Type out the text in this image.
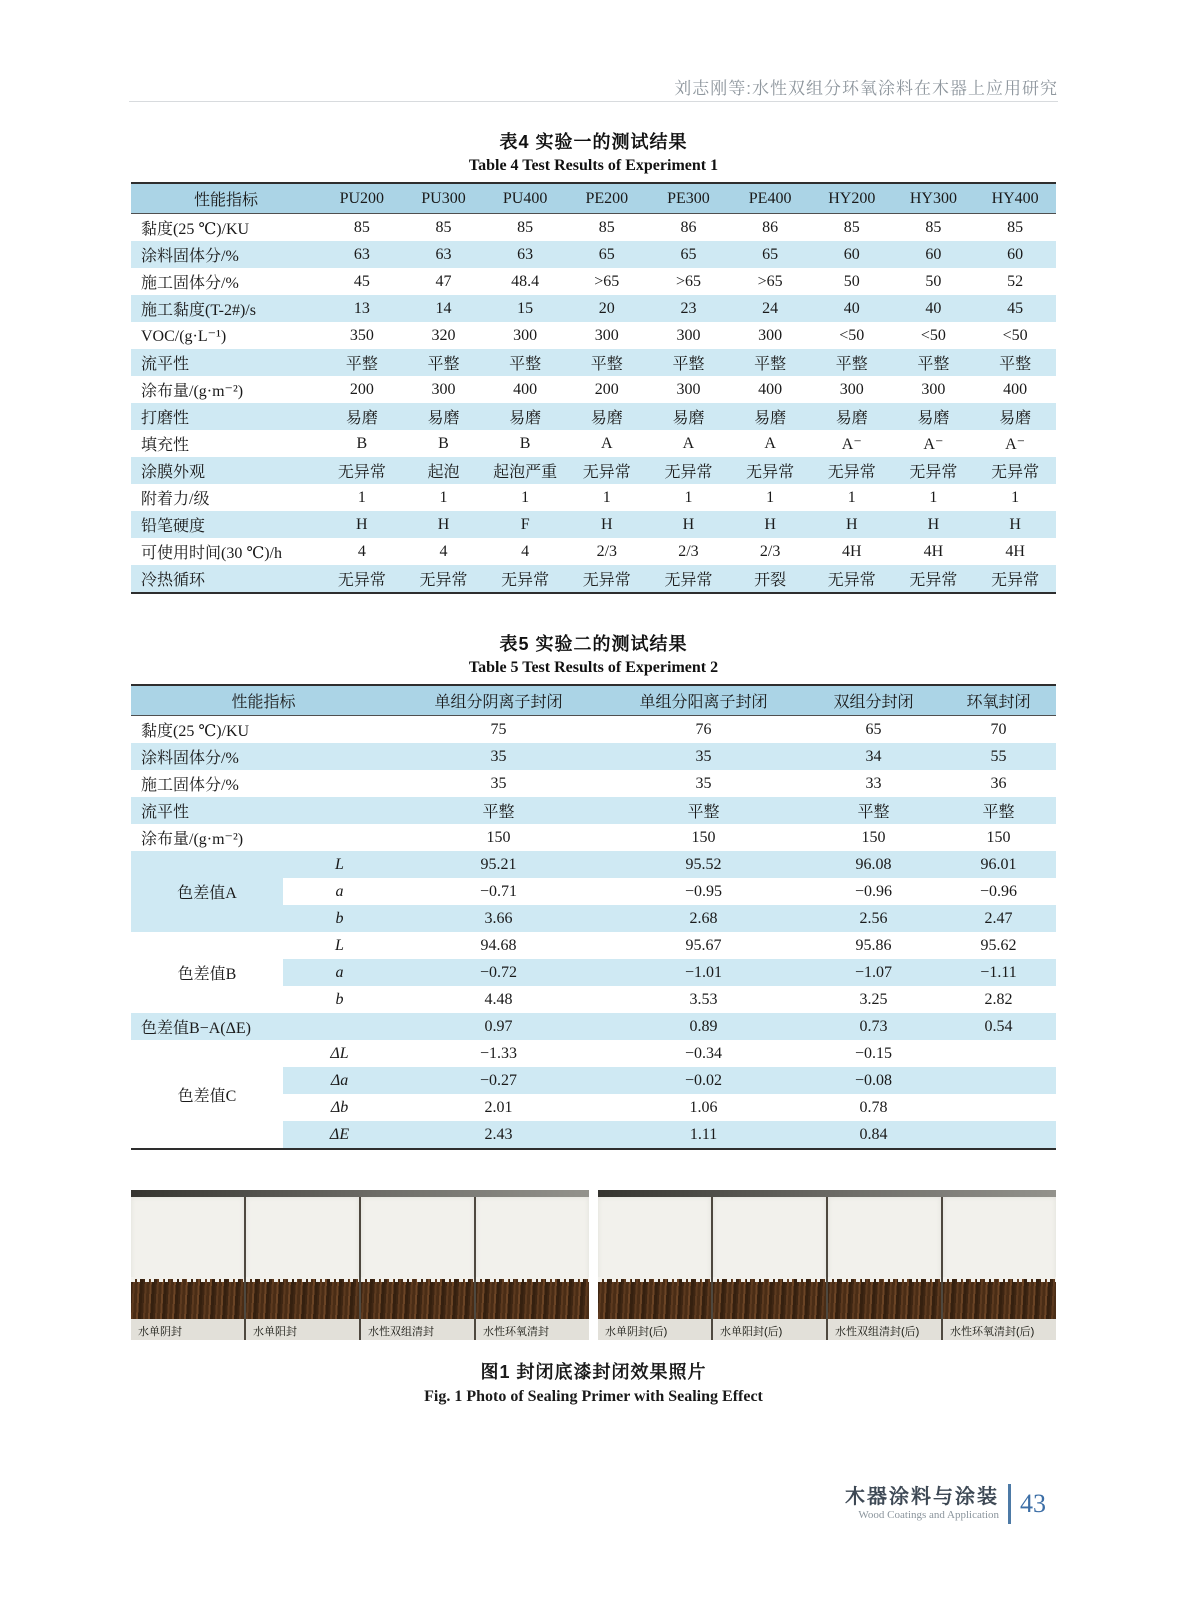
刘志刚等:水性双组分环氧涂料在木器上应用研究
表4 实验一的测试结果
Table 4 Test Results of Experiment 1
性能指标	PU200	PU300	PU400	PE200	PE300	PE400	HY200	HY300	HY400
黏度(25 ℃)/KU	85	85	85	85	86	86	85	85	85
涂料固体分/%	63	63	63	65	65	65	60	60	60
施工固体分/%	45	47	48.4	>65	>65	>65	50	50	52
施工黏度(T-2#)/s	13	14	15	20	23	24	40	40	45
VOC/(g·L⁻¹)	350	320	300	300	300	300	<50	<50	<50
流平性	平整	平整	平整	平整	平整	平整	平整	平整	平整
涂布量/(g·m⁻²)	200	300	400	200	300	400	300	300	400
打磨性	易磨	易磨	易磨	易磨	易磨	易磨	易磨	易磨	易磨
填充性	B	B	B	A	A	A	A⁻	A⁻	A⁻
涂膜外观	无异常	起泡	起泡严重	无异常	无异常	无异常	无异常	无异常	无异常
附着力/级	1	1	1	1	1	1	1	1	1
铅笔硬度	H	H	F	H	H	H	H	H	H
可使用时间(30 ℃)/h	4	4	4	2/3	2/3	2/3	4H	4H	4H
冷热循环	无异常	无异常	无异常	无异常	无异常	开裂	无异常	无异常	无异常
表5 实验二的测试结果
Table 5 Test Results of Experiment 2
性能指标		单组分阴离子封闭	单组分阳离子封闭	双组分封闭	环氧封闭
黏度(25 ℃)/KU		75	76	65	70
涂料固体分/%		35	35	34	55
施工固体分/%		35	35	33	36
流平性		平整	平整	平整	平整
涂布量/(g·m⁻²)		150	150	150	150
色差值A	L	95.21	95.52	96.08	96.01
	a	−0.71	−0.95	−0.96	−0.96
	b	3.66	2.68	2.56	2.47
色差值B	L	94.68	95.67	95.86	95.62
	a	−0.72	−1.01	−1.07	−1.11
	b	4.48	3.53	3.25	2.82
色差值B−A(ΔE)		0.97	0.89	0.73	0.54
色差值C	ΔL	−1.33	−0.34	−0.15	
	Δa	−0.27	−0.02	−0.08	
	Δb	2.01	1.06	0.78	
	ΔE	2.43	1.11	0.84	
水单阴封	水单阳封	水性双组清封	水性环氧清封	水单阴封(后)	水单阳封(后)	水性双组清封(后)	水性环氧清封(后)
图1 封闭底漆封闭效果照片
Fig. 1 Photo of Sealing Primer with Sealing Effect
木器涂料与涂装
Wood Coatings and Application 43
